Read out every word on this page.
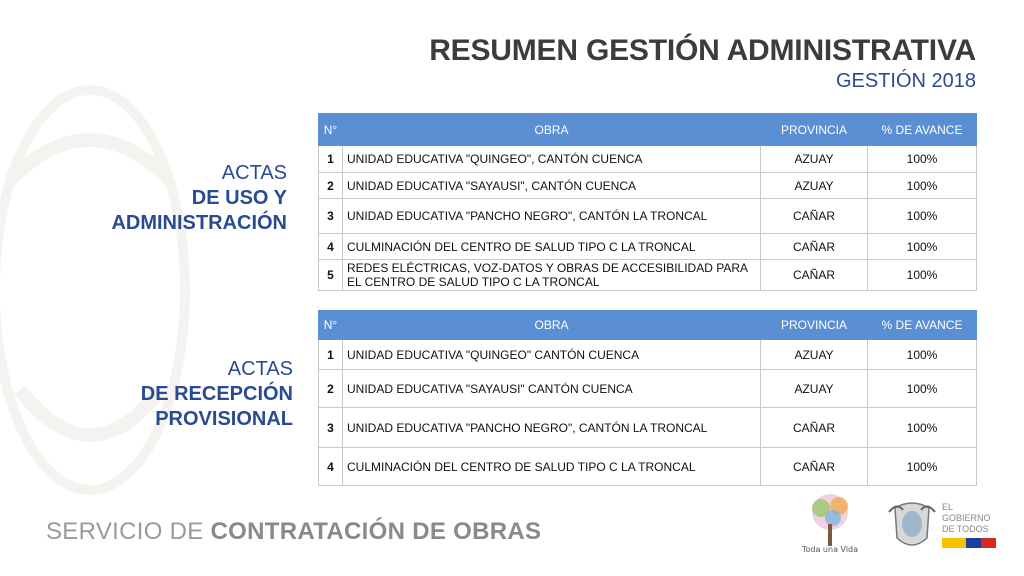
RESUMEN GESTIÓN ADMINISTRATIVA
GESTIÓN 2018
ACTAS
DE USO Y
ADMINISTRACIÓN
ACTAS
DE RECEPCIÓN
PROVISIONAL
N°	OBRA	PROVINCIA	% DE AVANCE
1	UNIDAD EDUCATIVA "QUINGEO", CANTÓN CUENCA	AZUAY	100%
2	UNIDAD EDUCATIVA "SAYAUSI", CANTÓN CUENCA	AZUAY	100%
3	UNIDAD EDUCATIVA "PANCHO NEGRO", CANTÓN LA TRONCAL	CAÑAR	100%
4	CULMINACIÓN DEL CENTRO DE SALUD TIPO C LA TRONCAL	CAÑAR	100%
5	REDES ELÉCTRICAS, VOZ-DATOS Y OBRAS DE ACCESIBILIDAD PARA EL CENTRO DE SALUD TIPO C LA TRONCAL	CAÑAR	100%
N°	OBRA	PROVINCIA	% DE AVANCE
1	UNIDAD EDUCATIVA "QUINGEO" CANTÓN CUENCA	AZUAY	100%
2	UNIDAD EDUCATIVA "SAYAUSI" CANTÓN CUENCA	AZUAY	100%
3	UNIDAD EDUCATIVA "PANCHO NEGRO", CANTÓN LA TRONCAL	CAÑAR	100%
4	CULMINACIÓN DEL CENTRO DE SALUD TIPO C LA TRONCAL	CAÑAR	100%
SERVICIO DE CONTRATACIÓN DE OBRAS
Toda una Vida
EL GOBIERNO DE TODOS
